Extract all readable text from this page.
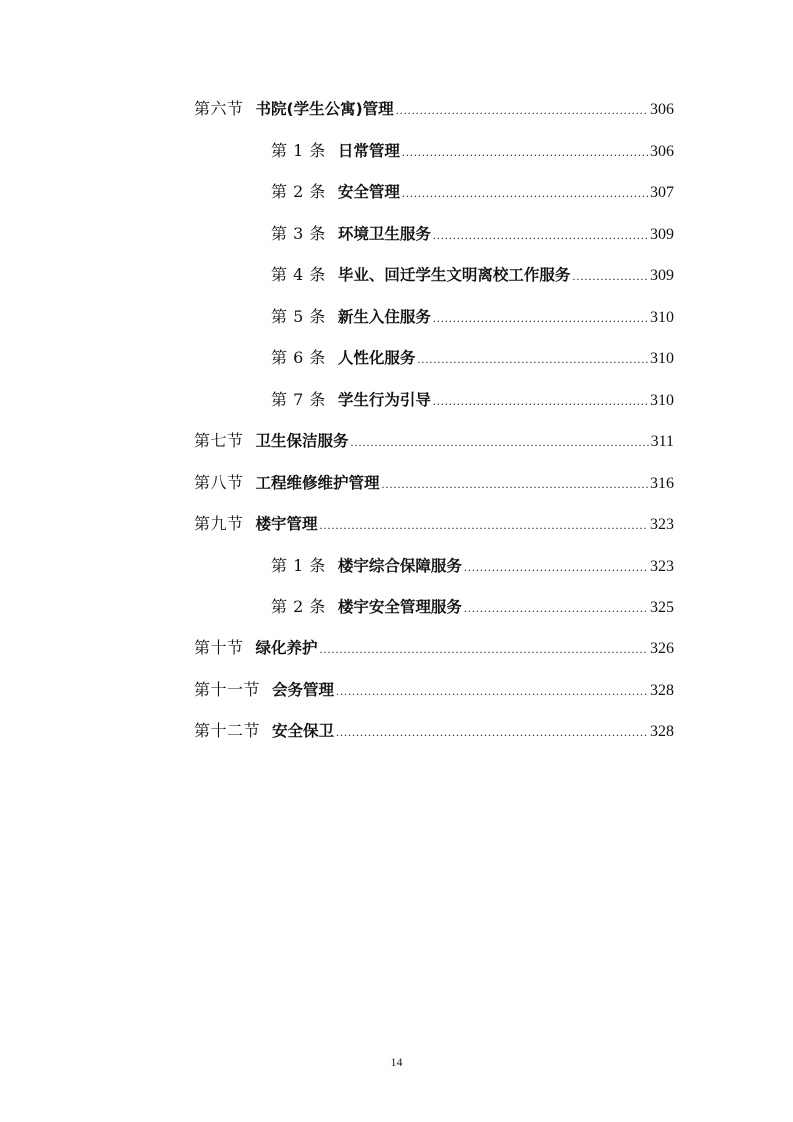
第六节 书院(学生公寓)管理 .....	306
第 1 条 日常管理 .....	306
第 2 条 安全管理 .....	307
第 3 条 环境卫生服务 .....	309
第 4 条 毕业、回迁学生文明离校工作服务 .....	309
第 5 条 新生入住服务 .....	310
第 6 条 人性化服务 .....	310
第 7 条 学生行为引导 .....	310
第七节 卫生保洁服务 .....	311
第八节 工程维修维护管理 .....	316
第九节 楼宇管理 .....	323
第 1 条 楼宇综合保障服务 .....	323
第 2 条 楼宇安全管理服务 .....	325
第十节 绿化养护 .....	326
第十一节 会务管理 .....	328
第十二节 安全保卫 .....	328
14
